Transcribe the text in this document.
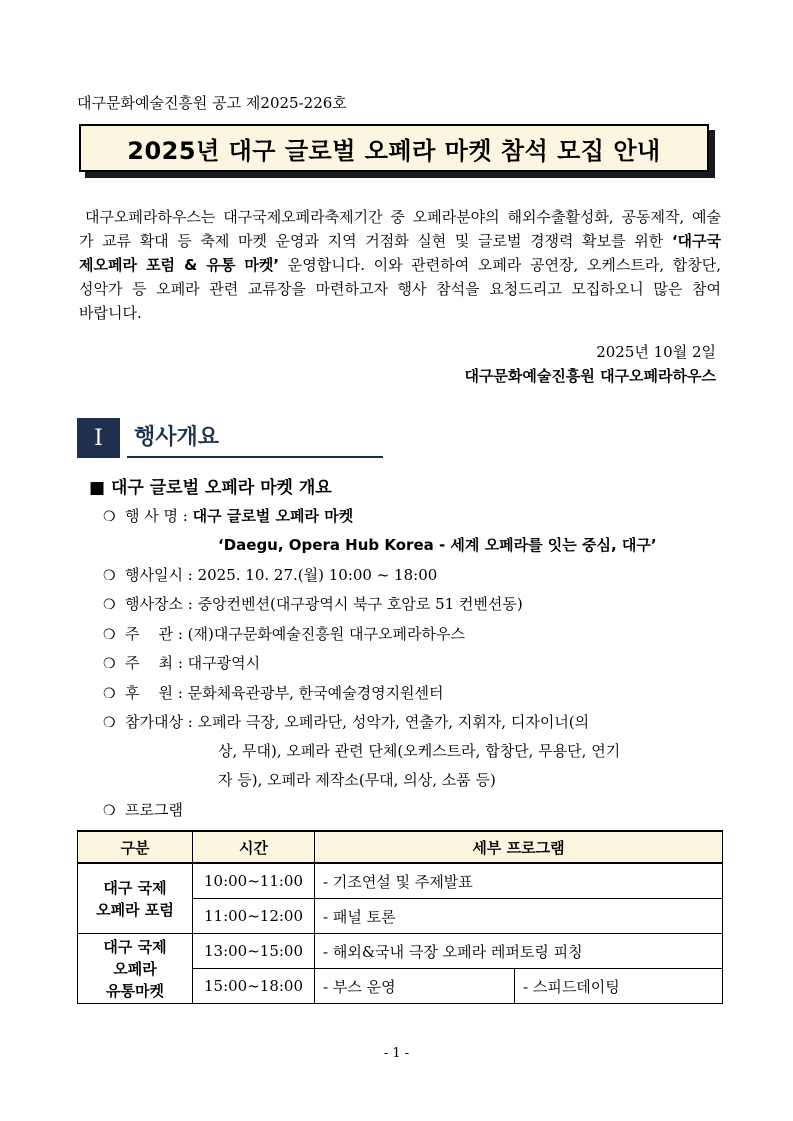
대구문화예술진흥원 공고 제2025-226호
2025년 대구 글로벌 오페라 마켓 참석 모집 안내
대구오페라하우스는 대구국제오페라축제기간 중 오페라분야의 해외수출활성화, 공동제작, 예술가 교류 확대 등 축제 마켓 운영과 지역 거점화 실현 및 글로벌 경쟁력 확보를 위한 ‘대구국제오페라 포럼 & 유통 마켓’ 운영합니다. 이와 관련하여 오페라 공연장, 오케스트라, 합창단, 성악가 등 오페라 관련 교류장을 마련하고자 행사 참석을 요청드리고 모집하오니 많은 참여 바랍니다.
2025년 10월 2일
대구문화예술진흥원 대구오페라하우스
Ⅰ	행사개요
■ 대구 글로벌 오페라 마켓 개요
❍ 행 사 명 : 대구 글로벌 오페라 마켓
‘Daegu, Opera Hub Korea - 세계 오페라를 잇는 중심, 대구’
❍ 행사일시 : 2025. 10. 27.(월) 10:00 ~ 18:00
❍ 행사장소 : 중앙컨벤션(대구광역시 북구 호암로 51 컨벤션동)
❍ 주    관 : (재)대구문화예술진흥원 대구오페라하우스
❍ 주    최 : 대구광역시
❍ 후    원 : 문화체육관광부, 한국예술경영지원센터
❍ 참가대상 : 오페라 극장, 오페라단, 성악가, 연출가, 지휘자, 디자이너(의
상, 무대), 오페라 관련 단체(오케스트라, 합창단, 무용단, 연기
자 등), 오페라 제작소(무대, 의상, 소품 등)
❍ 프로그램
구분	시간	세부 프로그램	

대구 국제
오페라 포럼	10:00~11:00	- 기조연설 및 주제발표	
	11:00~12:00	- 패널 토론	

대구 국제
오페라
유통마켓	13:00~15:00	- 해외&국내 극장 오페라 레퍼토링 피칭	
	15:00~18:00	- 부스 운영	- 스피드데이팅
- 1 -
